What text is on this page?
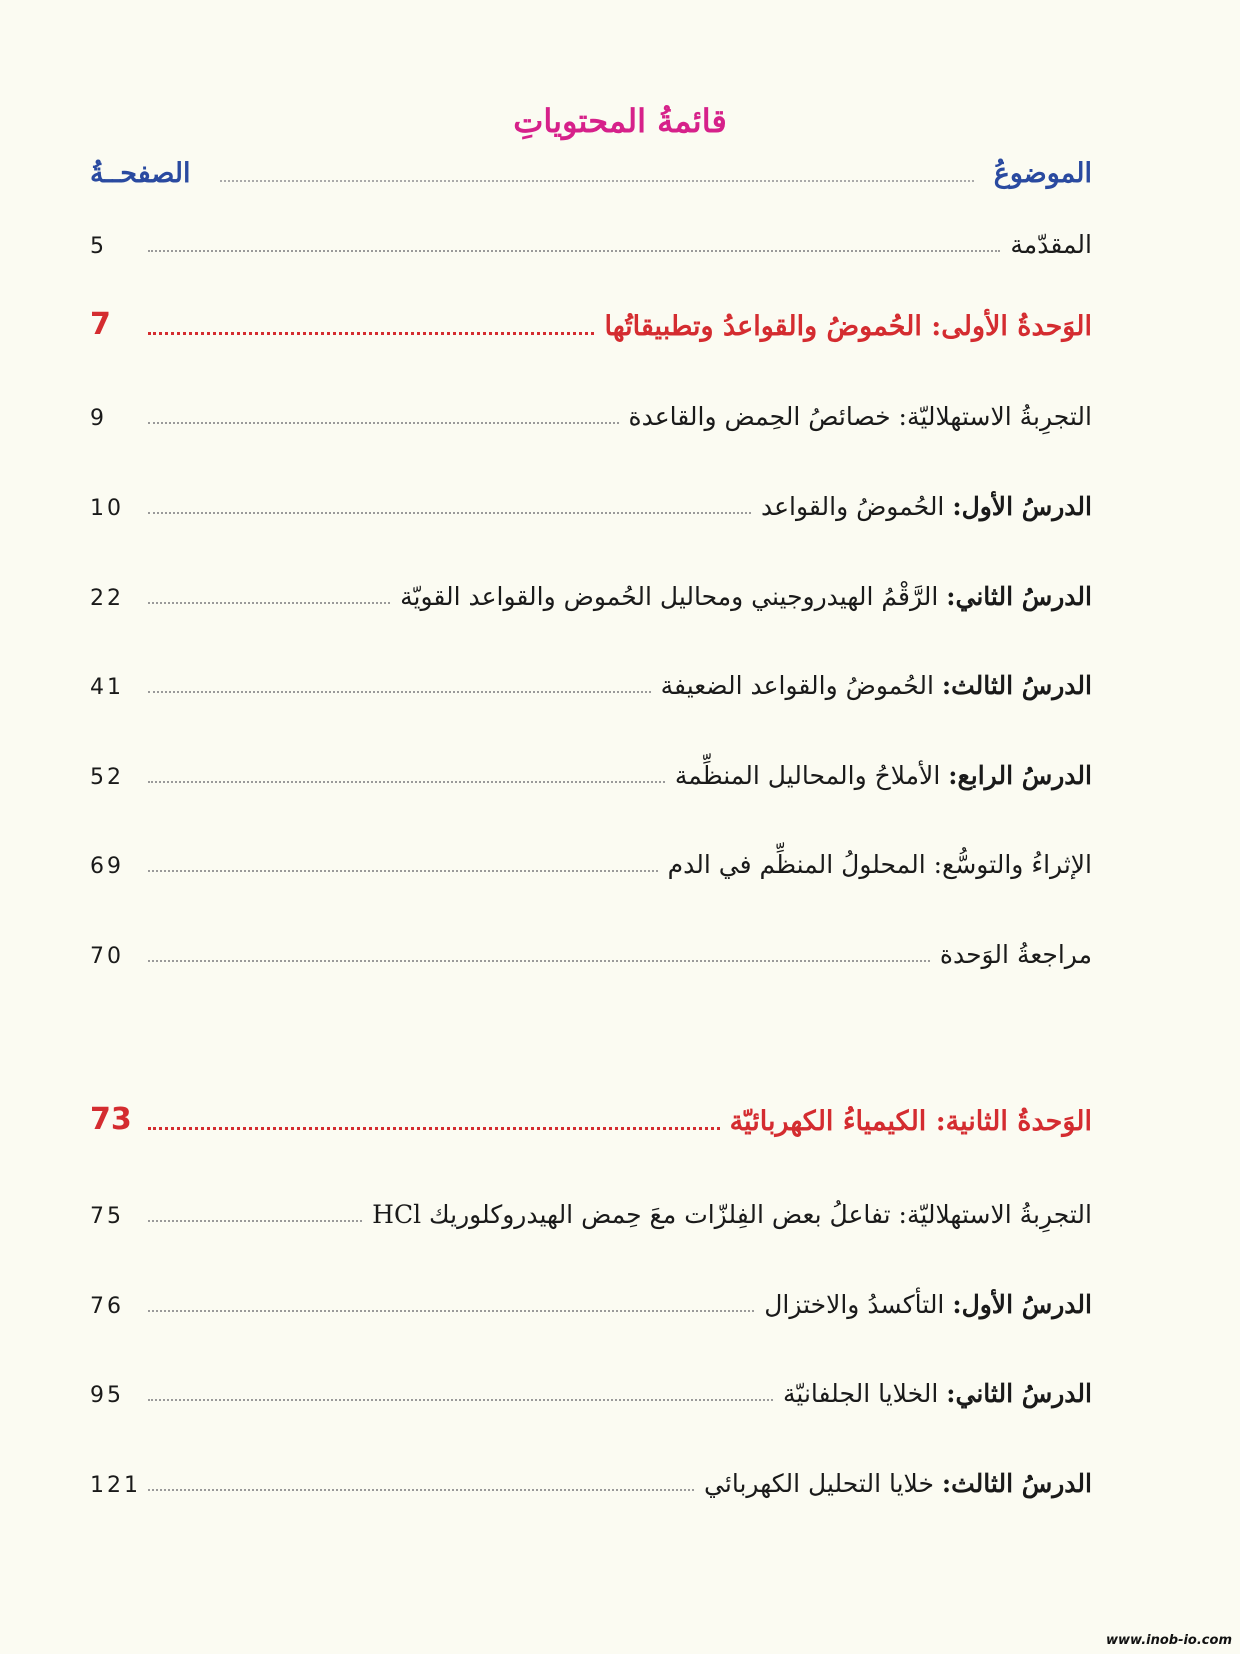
قائمةُ المحتوياتِ
الموضوعُ
الصفحــةُ
المقدّمة
5
الوَحدةُ الأولى: الحُموضُ والقواعدُ وتطبيقاتُها
7
التجرِبةُ الاستهلاليّة: خصائصُ الحِمض والقاعدة
9
الدرسُ الأول: الحُموضُ والقواعد
10
الدرسُ الثاني: الرَّقْمُ الهيدروجيني ومحاليل الحُموض والقواعد القويّة
22
الدرسُ الثالث: الحُموضُ والقواعد الضعيفة
41
الدرسُ الرابع: الأملاحُ والمحاليل المنظِّمة
52
الإثراءُ والتوسُّع: المحلولُ المنظِّم في الدم
69
مراجعةُ الوَحدة
70
الوَحدةُ الثانية: الكيمياءُ الكهربائيّة
73
التجرِبةُ الاستهلاليّة: تفاعلُ بعض الفِلزّات معَ حِمض الهيدروكلوريك HCl
75
الدرسُ الأول: التأكسدُ والاختزال
76
الدرسُ الثاني: الخلايا الجلفانيّة
95
الدرسُ الثالث: خلايا التحليل الكهربائي
121
www.inob-io.com
